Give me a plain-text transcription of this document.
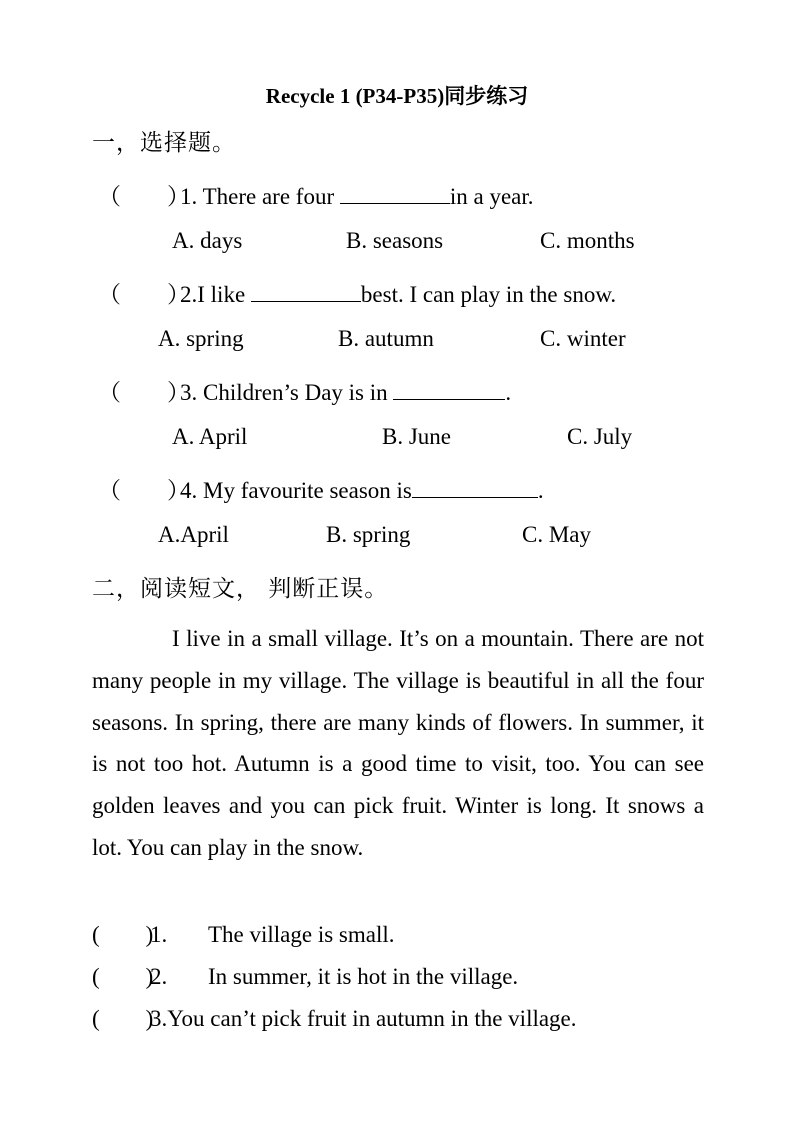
Recycle 1 (P34-P35)同步练习
一，选择题。
（　　）1. There are four	in a year.
A. days	B. seasons	C. months
（　　）2.I like	best. I can play in the snow.
A. spring	B. autumn	C. winter
（　　）3. Children’s Day is in	.
A. April	B. June	C. July
（　　）4. My favourite season is	.
A.April	B. spring	C. May
二，阅读短文， 判断正误。
I live in a small village. It’s on a mountain. There are not many people in my village. The village is beautiful in all the four seasons. In spring, there are many kinds of flowers. In summer, it is not too hot. Autumn is a good time to visit, too. You can see golden leaves and you can pick fruit. Winter is long. It snows a lot. You can play in the snow.
(　　)1. The village is small.
(　　)2. In summer, it is hot in the village.
(　　)3.You can’t pick fruit in autumn in the village.
